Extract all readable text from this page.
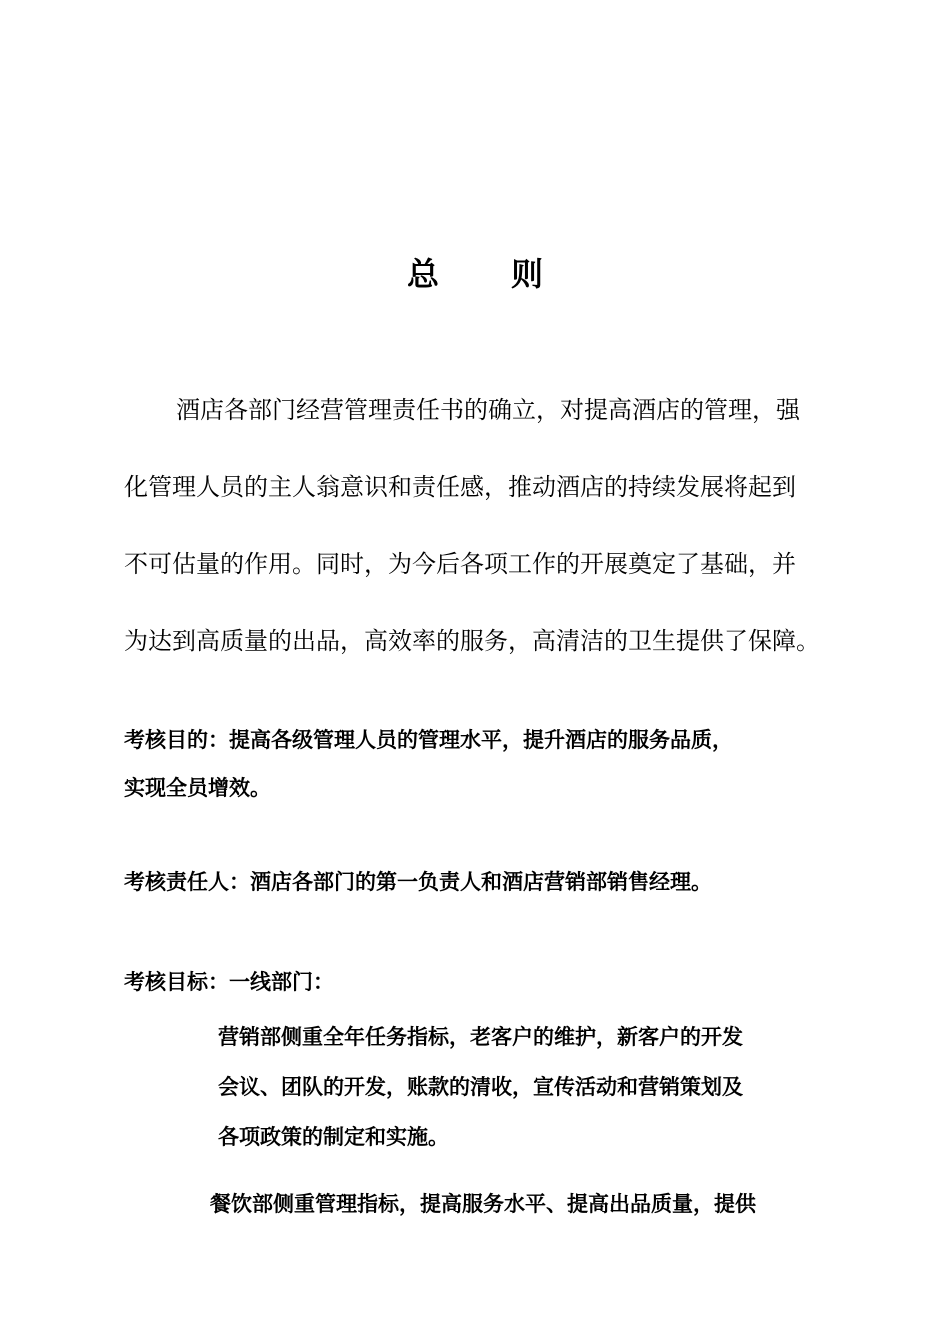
总 则
酒店各部门经营管理责任书的确立，对提高酒店的管理，强
化管理人员的主人翁意识和责任感，推动酒店的持续发展将起到
不可估量的作用。同时，为今后各项工作的开展奠定了基础，并
为达到高质量的出品，高效率的服务，高清洁的卫生提供了保障。
考核目的：提高各级管理人员的管理水平，提升酒店的服务品质，
实现全员增效。
考核责任人：酒店各部门的第一负责人和酒店营销部销售经理。
考核目标：一线部门：
营销部侧重全年任务指标，老客户的维护，新客户的开发
会议、团队的开发，账款的清收，宣传活动和营销策划及
各项政策的制定和实施。
餐饮部侧重管理指标，提高服务水平、提高出品质量，提供
